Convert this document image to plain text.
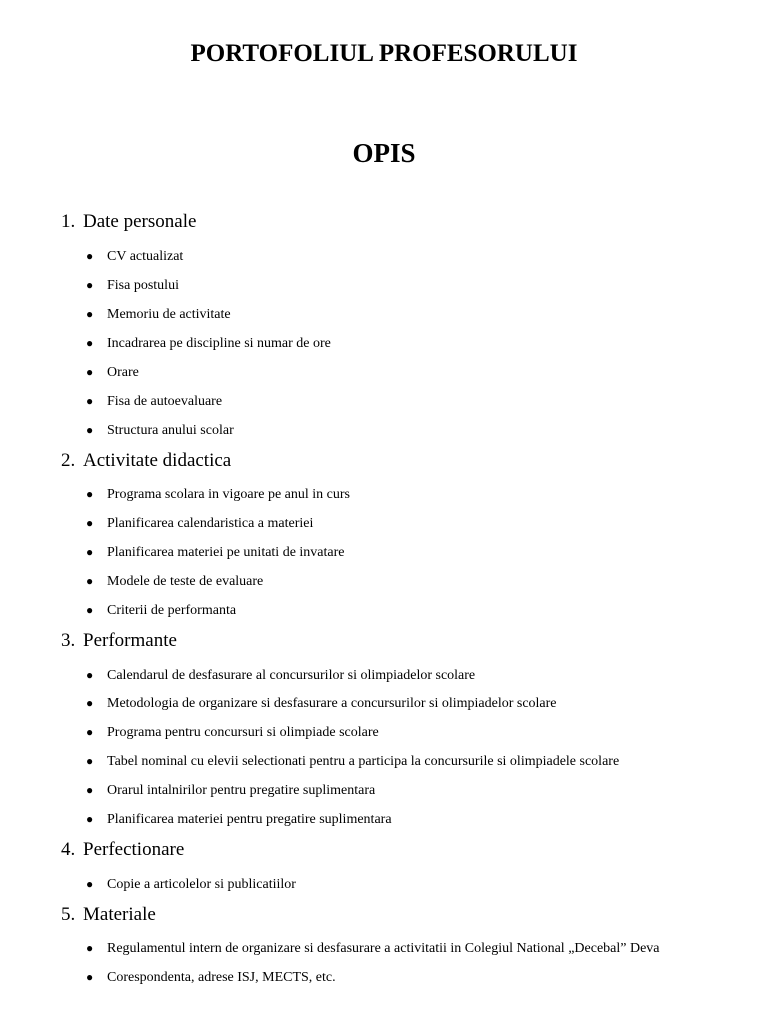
PORTOFOLIUL PROFESORULUI
OPIS
1. Date personale
● CV actualizat
● Fisa postului
● Memoriu de activitate
● Incadrarea pe discipline si numar de ore
● Orare
● Fisa de autoevaluare
● Structura anului scolar
2. Activitate didactica
● Programa scolara in vigoare pe anul in curs
● Planificarea calendaristica a materiei
● Planificarea materiei pe unitati de invatare
● Modele de teste de evaluare
● Criterii de performanta
3. Performante
● Calendarul de desfasurare al concursurilor si olimpiadelor scolare
● Metodologia de organizare si desfasurare a concursurilor si olimpiadelor scolare
● Programa pentru concursuri si olimpiade scolare
● Tabel nominal cu elevii selectionati pentru a participa la concursurile si olimpiadele scolare
● Orarul intalnirilor pentru pregatire suplimentara
● Planificarea materiei pentru pregatire suplimentara
4. Perfectionare
● Copie a articolelor si publicatiilor
5. Materiale
● Regulamentul intern de organizare si desfasurare a activitatii in Colegiul National „Decebal” Deva
● Corespondenta, adrese ISJ, MECTS, etc.
